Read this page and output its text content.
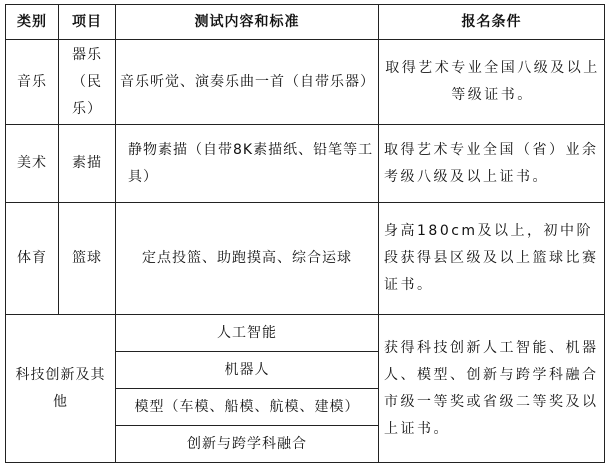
类别	项目	测试内容和标准	报名条件
音乐	器乐（民乐）	音乐听觉、演奏乐曲一首（自带乐器）	取得艺术专业全国八级及以上等级证书。
美术	素描	静物素描（自带8K素描纸、铅笔等工具）	取得艺术专业全国（省）业余考级八级及以上证书。
体育	篮球	定点投篮、助跑摸高、综合运球	身高180cm及以上，初中阶段获得县区级及以上篮球比赛证书。
科技创新及其他		人工智能	获得科技创新人工智能、机器人、模型、创新与跨学科融合市级一等奖或省级二等奖及以上证书。
		机器人	
		模型（车模、船模、航模、建模）	
		创新与跨学科融合	
